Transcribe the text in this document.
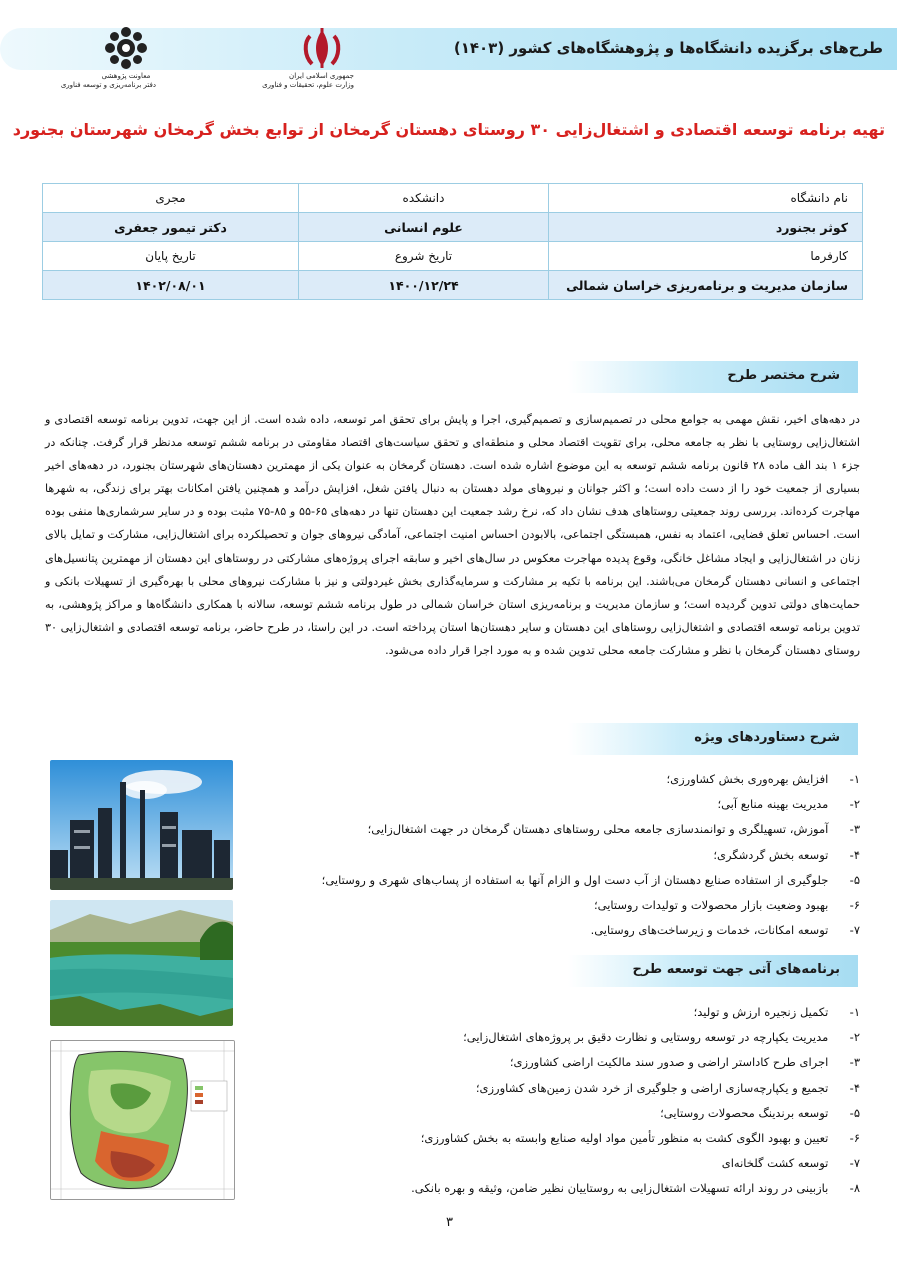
طرح‌های برگزیده دانشگاه‌ها و پژوهشگاه‌های کشور (۱۴۰۳)
جمهوری اسلامی ایران
وزارت علوم، تحقیقات و فناوری
معاونت پژوهشی
دفتر برنامه‌ریزی و توسعه فناوری
تهیه برنامه توسعه اقتصادی و اشتغال‌زایی ۳۰ روستای دهستان گرمخان از توابع بخش گرمخان شهرستان بجنورد
نام دانشگاه	دانشکده	مجری
کوثر بجنورد	علوم انسانی	دکتر تیمور جعفری
کارفرما	تاریخ شروع	تاریخ پایان
سازمان مدیریت و برنامه‌ریزی خراسان شمالی	۱۴۰۰/۱۲/۲۴	۱۴۰۲/۰۸/۰۱
شرح مختصر طرح
در دهه‌های اخیر، نقش مهمی به جوامع محلی در تصمیم‌سازی و تصمیم‌گیری، اجرا و پایش برای تحقق امر توسعه، داده شده است. از این جهت، تدوین برنامه توسعه اقتصادی و اشتغال‌زایی روستایی با نظر به جامعه محلی، برای تقویت اقتصاد محلی و منطقه‌ای و تحقق سیاست‌های اقتصاد مقاومتی در برنامه ششم توسعه مدنظر قرار گرفت. چنانکه در جزء ۱ بند الف ماده ۲۸ قانون برنامه ششم توسعه به این موضوع اشاره شده است. دهستان گرمخان به عنوان یکی از مهمترین دهستان‌های شهرستان بجنورد، در دهه‌های اخیر بسیاری از جمعیت خود را از دست داده است؛ و اکثر جوانان و نیروهای مولد دهستان به دنبال یافتن شغل، افزایش درآمد و همچنین یافتن امکانات بهتر برای زندگی، به شهرها مهاجرت کرده‌اند. بررسی روند جمعیتی روستاهای هدف نشان داد که، نرخ رشد جمعیت این دهستان تنها در دهه‌های ۶۵-۵۵ و ۸۵-۷۵ مثبت بوده و در سایر سرشماری‌ها منفی بوده است. احساس تعلق فضایی، اعتماد به نفس، همبستگی اجتماعی، بالابودن احساس امنیت اجتماعی، آمادگی نیروهای جوان و تحصیلکرده برای اشتغال‌زایی، مشارکت و تمایل بالای زنان در اشتغال‌زایی و ایجاد مشاغل خانگی، وقوع پدیده مهاجرت معکوس در سال‌های اخیر و سابقه اجرای پروژه‌های مشارکتی در روستاهای این دهستان از مهمترین پتانسیل‌های اجتماعی و انسانی دهستان گرمخان می‌باشند. این برنامه با تکیه بر مشارکت و سرمایه‌گذاری بخش غیردولتی و نیز با مشارکت نیروهای محلی با بهره‌گیری از تسهیلات بانکی و حمایت‌های دولتی تدوین گردیده است؛ و سازمان مدیریت و برنامه‌ریزی استان خراسان شمالی در طول برنامه ششم توسعه، سالانه با همکاری دانشگاه‌ها و مراکز پژوهشی، به تدوین برنامه توسعه اقتصادی و اشتغال‌زایی روستاهای این دهستان و سایر دهستان‌ها استان پرداخته است. در این راستا، در طرح حاضر، برنامه توسعه اقتصادی و اشتغال‌زایی ۳۰ روستای دهستان گرمخان با نظر و مشارکت جامعه محلی تدوین شده و به مورد اجرا قرار داده می‌شود.
شرح دستاوردهای ویژه
۱- افزایش بهره‌وری بخش کشاورزی؛
۲- مدیریت بهینه منابع آبی؛
۳- آموزش، تسهیلگری و توانمندسازی جامعه محلی روستاهای دهستان گرمخان در جهت اشتغال‌زایی؛
۴- توسعه بخش گردشگری؛
۵- جلوگیری از استفاده صنایع دهستان از آب دست اول و الزام آنها به استفاده از پساب‌های شهری و روستایی؛
۶- بهبود وضعیت بازار محصولات و تولیدات روستایی؛
۷- توسعه امکانات، خدمات و زیرساخت‌های روستایی.
برنامه‌های آتی جهت توسعه طرح
۱- تکمیل زنجیره ارزش و تولید؛
۲- مدیریت یکپارچه در توسعه روستایی و نظارت دقیق بر پروژه‌های اشتغال‌زایی؛
۳- اجرای طرح کاداستر اراضی و صدور سند مالکیت اراضی کشاورزی؛
۴- تجمیع و یکپارچه‌سازی اراضی و جلوگیری از خرد شدن زمین‌های کشاورزی؛
۵- توسعه برندینگ محصولات روستایی؛
۶- تعیین و بهبود الگوی کشت به منظور تأمین مواد اولیه صنایع وابسته به بخش کشاورزی؛
۷- توسعه کشت گلخانه‌ای
۸- بازبینی در روند ارائه تسهیلات اشتغال‌زایی به روستاییان نظیر ضامن، وثیقه و بهره بانکی.
۳
